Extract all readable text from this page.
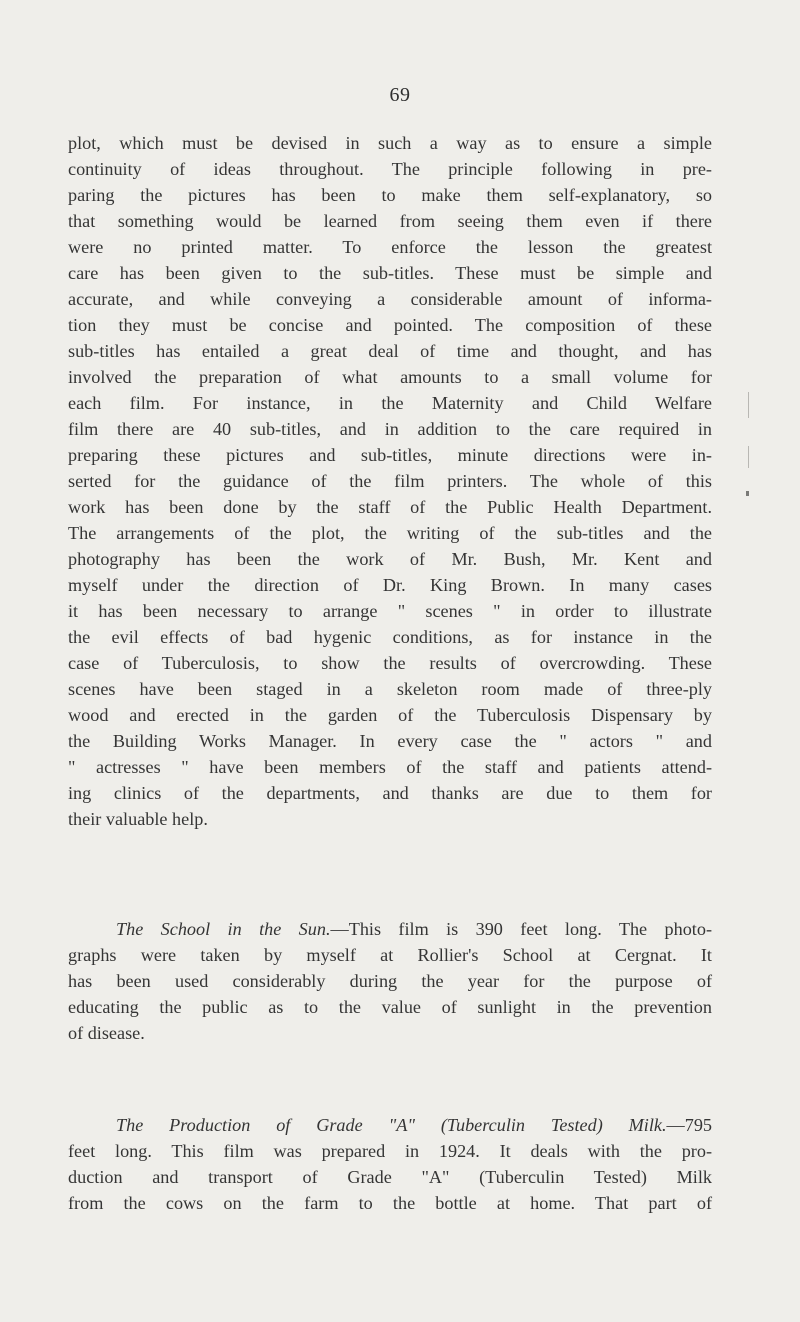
69
plot, which must be devised in such a way as to ensure a simple
continuity of ideas throughout. The principle following in pre-
paring the pictures has been to make them self-explanatory, so
that something would be learned from seeing them even if there
were no printed matter. To enforce the lesson the greatest
care has been given to the sub-titles. These must be simple and
accurate, and while conveying a considerable amount of informa-
tion they must be concise and pointed. The composition of these
sub-titles has entailed a great deal of time and thought, and has
involved the preparation of what amounts to a small volume for
each film. For instance, in the Maternity and Child Welfare
film there are 40 sub-titles, and in addition to the care required in
preparing these pictures and sub-titles, minute directions were in-
serted for the guidance of the film printers. The whole of this
work has been done by the staff of the Public Health Department.
The arrangements of the plot, the writing of the sub-titles and the
photography has been the work of Mr. Bush, Mr. Kent and
myself under the direction of Dr. King Brown. In many cases
it has been necessary to arrange " scenes " in order to illustrate
the evil effects of bad hygenic conditions, as for instance in the
case of Tuberculosis, to show the results of overcrowding. These
scenes have been staged in a skeleton room made of three-ply
wood and erected in the garden of the Tuberculosis Dispensary by
the Building Works Manager. In every case the " actors " and
" actresses " have been members of the staff and patients attend-
ing clinics of the departments, and thanks are due to them for
their valuable help.
The School in the Sun.—This film is 390 feet long. The photo-
graphs were taken by myself at Rollier's School at Cergnat. It
has been used considerably during the year for the purpose of
educating the public as to the value of sunlight in the prevention
of disease.
The Production of Grade "A" (Tuberculin Tested) Milk.—795
feet long. This film was prepared in 1924. It deals with the pro-
duction and transport of Grade "A" (Tuberculin Tested) Milk
from the cows on the farm to the bottle at home. That part of
